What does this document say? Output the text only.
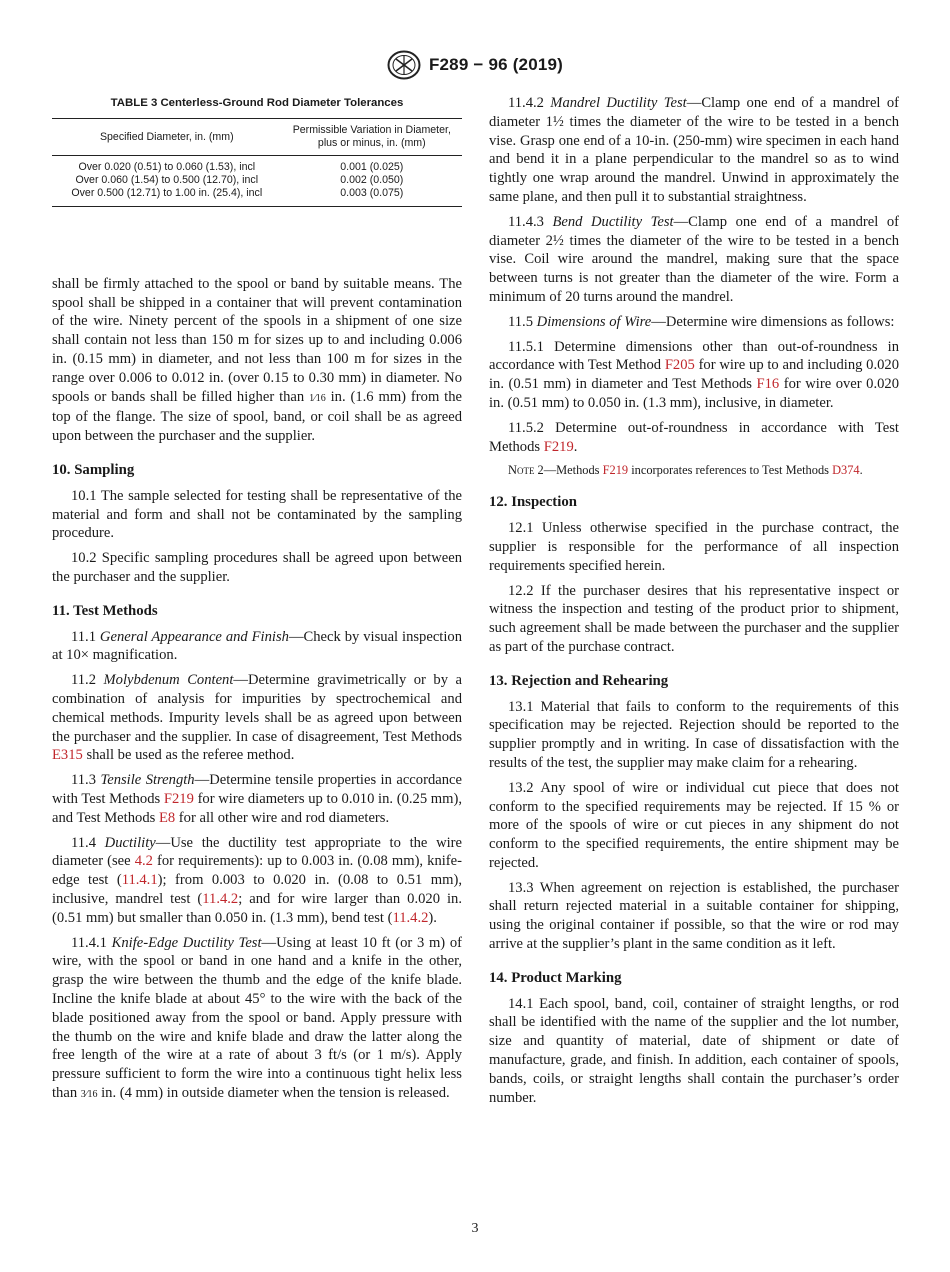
F289 − 96 (2019)
TABLE 3 Centerless-Ground Rod Diameter Tolerances
Specified Diameter, in. (mm)	Permissible Variation in Diameter, plus or minus, in. (mm)
Over 0.020 (0.51) to 0.060 (1.53), incl	0.001 (0.025)
Over 0.060 (1.54) to 0.500 (12.70), incl	0.002 (0.050)
Over 0.500 (12.71) to 1.00 in. (25.4), incl	0.003 (0.075)

shall be firmly attached to the spool or band by suitable means. The spool shall be shipped in a container that will prevent contamination of the wire. Ninety percent of the spools in a shipment of one size shall contain not less than 150 m for sizes up to and including 0.006 in. (0.15 mm) in diameter, and not less than 100 m for sizes in the range over 0.006 to 0.012 in. (over 0.15 to 0.30 mm) in diameter. No spools or bands shall be filled higher than 1⁄16 in. (1.6 mm) from the top of the flange. The size of spool, band, or coil shall be as agreed upon between the purchaser and the supplier.

10. Sampling

10.1 The sample selected for testing shall be representative of the material and form and shall not be contaminated by the sampling procedure.

10.2 Specific sampling procedures shall be agreed upon between the purchaser and the supplier.

11. Test Methods

11.1 General Appearance and Finish—Check by visual inspection at 10× magnification.

11.2 Molybdenum Content—Determine gravimetrically or by a combination of analysis for impurities by spectrochemical and chemical methods. Impurity levels shall be as agreed upon between the purchaser and the supplier. In case of disagreement, Test Methods E315 shall be used as the referee method.

11.3 Tensile Strength—Determine tensile properties in accordance with Test Methods F219 for wire diameters up to 0.010 in. (0.25 mm), and Test Methods E8 for all other wire and rod diameters.

11.4 Ductility—Use the ductility test appropriate to the wire diameter (see 4.2 for requirements): up to 0.003 in. (0.08 mm), knife-edge test (11.4.1); from 0.003 to 0.020 in. (0.08 to 0.51 mm), inclusive, mandrel test (11.4.2; and for wire larger than 0.020 in. (0.51 mm) but smaller than 0.050 in. (1.3 mm), bend test (11.4.2).

11.4.1 Knife-Edge Ductility Test—Using at least 10 ft (or 3 m) of wire, with the spool or band in one hand and a knife in the other, grasp the wire between the thumb and the edge of the knife blade. Incline the knife blade at about 45° to the wire with the back of the blade positioned away from the spool or band. Apply pressure with the thumb on the wire and knife blade and draw the latter along the free length of the wire at a rate of about 3 ft/s (or 1 m/s). Apply pressure sufficient to form the wire into a continuous tight helix less than 3⁄16 in. (4 mm) in outside diameter when the tension is released.

11.4.2 Mandrel Ductility Test—Clamp one end of a mandrel of diameter 1½ times the diameter of the wire to be tested in a bench vise. Grasp one end of a 10-in. (250-mm) wire specimen in each hand and bend it in a plane perpendicular to the mandrel so as to wind tightly one wrap around the mandrel. Unwind in approximately the same plane, and then pull it to substantial straightness.

11.4.3 Bend Ductility Test—Clamp one end of a mandrel of diameter 2½ times the diameter of the wire to be tested in a bench vise. Coil wire around the mandrel, making sure that the space between turns is not greater than the diameter of the wire. Form a minimum of 20 turns around the mandrel.

11.5 Dimensions of Wire—Determine wire dimensions as follows:

11.5.1 Determine dimensions other than out-of-roundness in accordance with Test Method F205 for wire up to and including 0.020 in. (0.51 mm) in diameter and Test Methods F16 for wire over 0.020 in. (0.51 mm) to 0.050 in. (1.3 mm), inclusive, in diameter.

11.5.2 Determine out-of-roundness in accordance with Test Methods F219.

Note 2—Methods F219 incorporates references to Test Methods D374.

12. Inspection

12.1 Unless otherwise specified in the purchase contract, the supplier is responsible for the performance of all inspection requirements specified herein.

12.2 If the purchaser desires that his representative inspect or witness the inspection and testing of the product prior to shipment, such agreement shall be made between the purchaser and the supplier as part of the purchase contract.

13. Rejection and Rehearing

13.1 Material that fails to conform to the requirements of this specification may be rejected. Rejection should be reported to the supplier promptly and in writing. In case of dissatisfaction with the results of the test, the supplier may make claim for a rehearing.

13.2 Any spool of wire or individual cut piece that does not conform to the specified requirements may be rejected. If 15 % or more of the spools of wire or cut pieces in any shipment do not conform to the specified requirements, the entire shipment may be rejected.

13.3 When agreement on rejection is established, the purchaser shall return rejected material in a suitable container for shipping, using the original container if possible, so that the wire or rod may arrive at the supplier’s plant in the same condition as it left.

14. Product Marking

14.1 Each spool, band, coil, container of straight lengths, or rod shall be identified with the name of the supplier and the lot number, size and quantity of material, date of shipment or date of manufacture, grade, and finish. In addition, each container of spools, bands, coils, or straight lengths shall contain the purchaser’s order number.

3
